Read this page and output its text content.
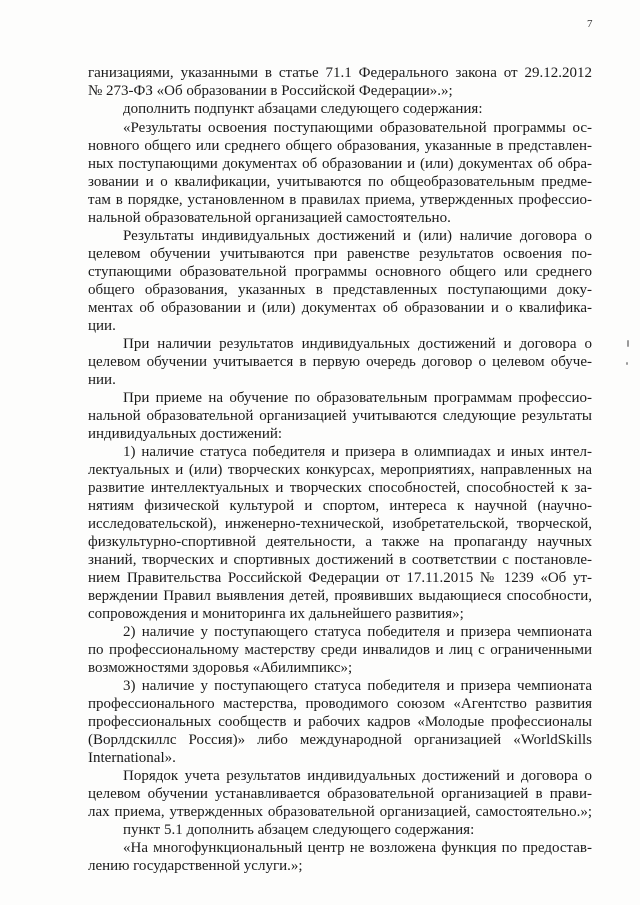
7
ганизациями, указанными в статье 71.1 Федерального закона от 29.12.2012
№ 273-ФЗ «Об образовании в Российской Федерации».»;
дополнить подпункт абзацами следующего содержания:
«Результаты освоения поступающими образовательной программы ос-
новного общего или среднего общего образования, указанные в представлен-
ных поступающими документах об образовании и (или) документах об обра-
зовании и о квалификации, учитываются по общеобразовательным предме-
там в порядке, установленном в правилах приема, утвержденных профессио-
нальной образовательной организацией самостоятельно.
Результаты индивидуальных достижений и (или) наличие договора о
целевом обучении учитываются при равенстве результатов освоения по-
ступающими образовательной программы основного общего или среднего
общего образования, указанных в представленных поступающими доку-
ментах об образовании и (или) документах об образовании и о квалифика-
ции.
При наличии результатов индивидуальных достижений и договора о
целевом обучении учитывается в первую очередь договор о целевом обуче-
нии.
При приеме на обучение по образовательным программам профессио-
нальной образовательной организацией учитываются следующие результаты
индивидуальных достижений:
1) наличие статуса победителя и призера в олимпиадах и иных интел-
лектуальных и (или) творческих конкурсах, мероприятиях, направленных на
развитие интеллектуальных и творческих способностей, способностей к за-
нятиям физической культурой и спортом, интереса к научной (научно-
исследовательской), инженерно-технической, изобретательской, творческой,
физкультурно-спортивной деятельности, а также на пропаганду научных
знаний, творческих и спортивных достижений в соответствии с постановле-
нием Правительства Российской Федерации от 17.11.2015 № 1239 «Об ут-
верждении Правил выявления детей, проявивших выдающиеся способности,
сопровождения и мониторинга их дальнейшего развития»;
2) наличие у поступающего статуса победителя и призера чемпионата
по профессиональному мастерству среди инвалидов и лиц с ограниченными
возможностями здоровья «Абилимпикс»;
3) наличие у поступающего статуса победителя и призера чемпионата
профессионального мастерства, проводимого союзом «Агентство развития
профессиональных сообществ и рабочих кадров «Молодые профессионалы
(Ворлдскиллс Россия)» либо международной организацией «WorldSkills
International».
Порядок учета результатов индивидуальных достижений и договора о
целевом обучении устанавливается образовательной организацией в прави-
лах приема, утвержденных образовательной организацией, самостоятельно.»;
пункт 5.1 дополнить абзацем следующего содержания:
«На многофункциональный центр не возложена функция по предостав-
лению государственной услуги.»;
